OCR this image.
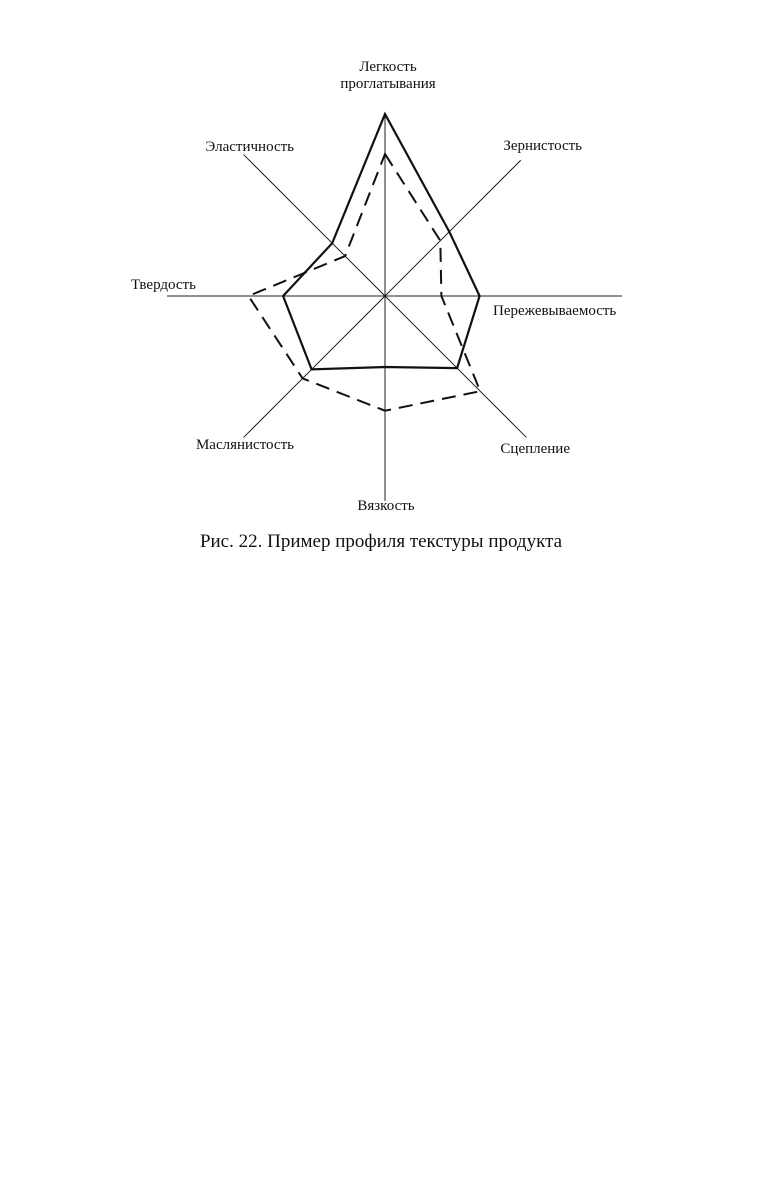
Легкость проглатывания
Зернистость
Пережевываемость
Сцепление
Вязкость
Маслянистость
Твердость
Эластичность
Рис. 22. Пример профиля текстуры продукта
